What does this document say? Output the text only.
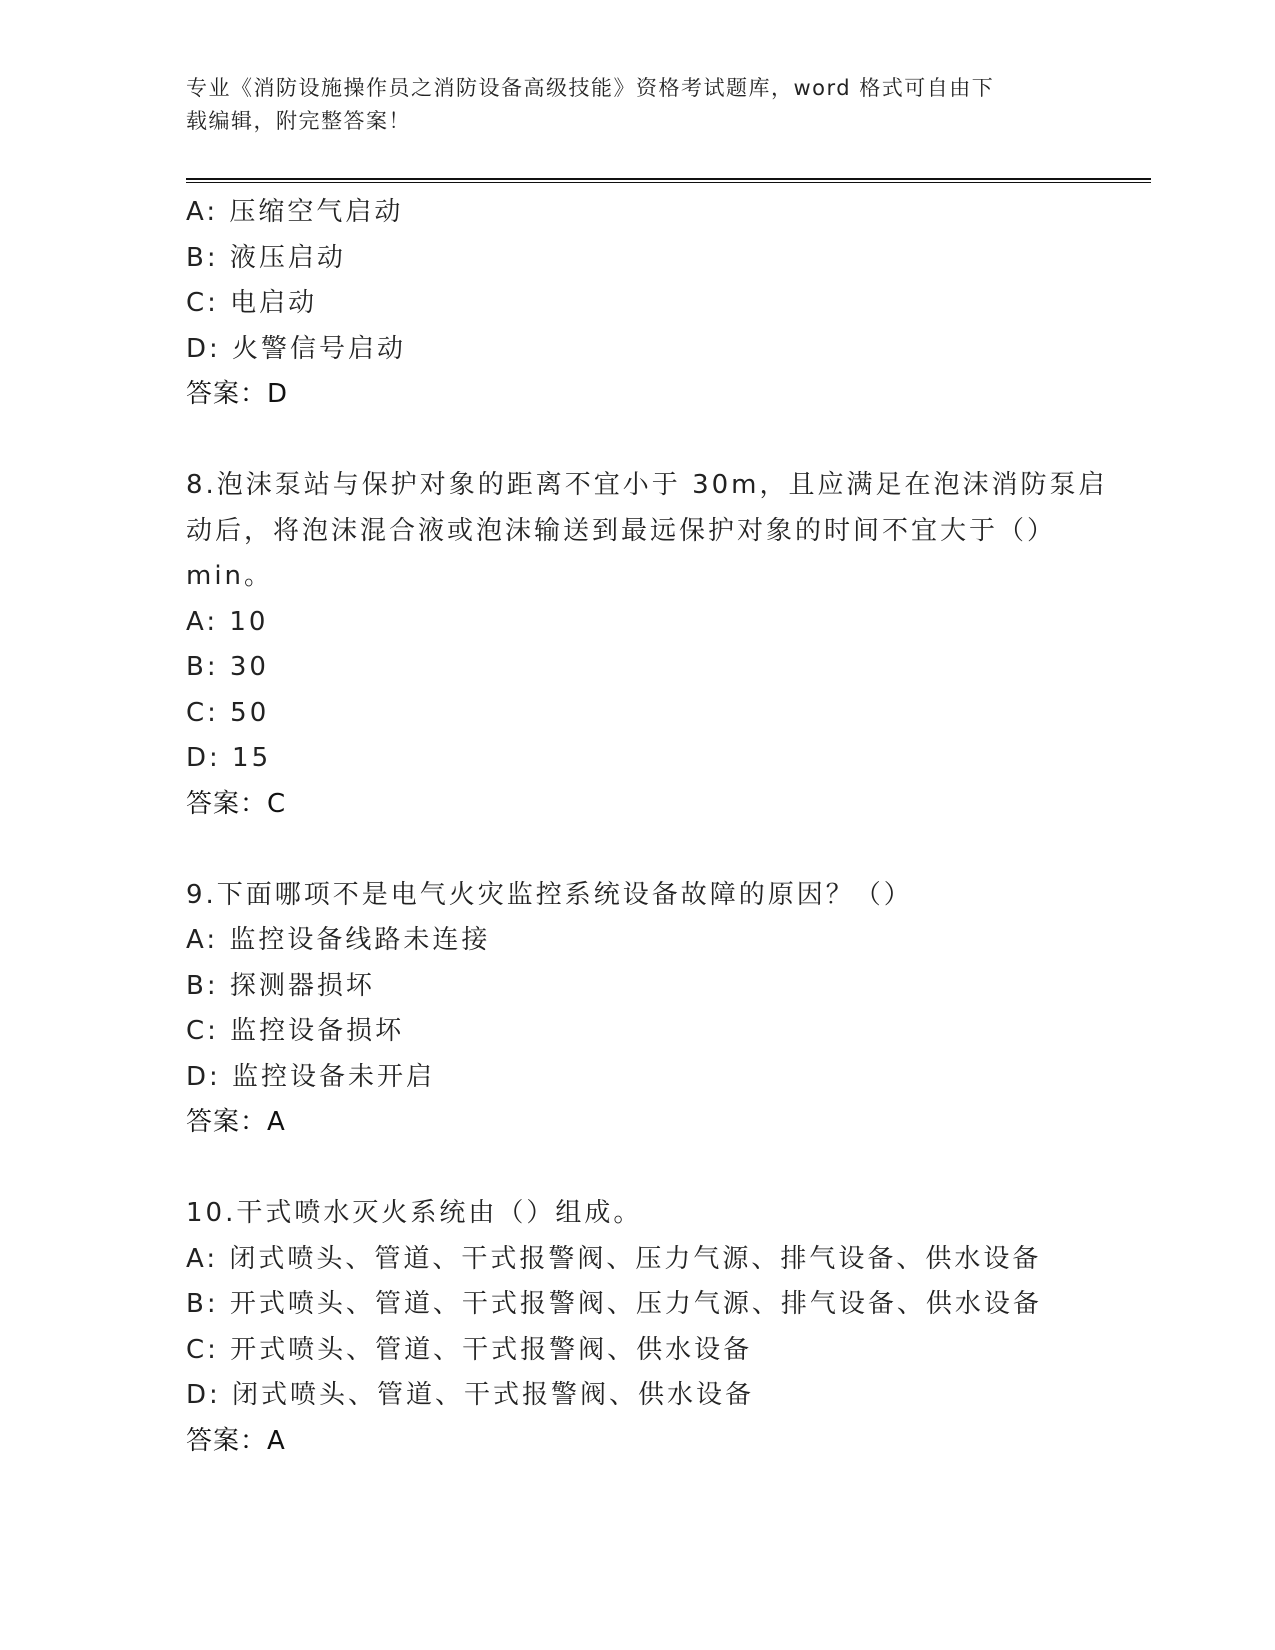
专业《消防设施操作员之消防设备高级技能》资格考试题库，word 格式可自由下
载编辑，附完整答案！
A: 压缩空气启动
B: 液压启动
C: 电启动
D: 火警信号启动
答案：D
8.泡沫泵站与保护对象的距离不宜小于 30m，且应满足在泡沫消防泵启
动后，将泡沫混合液或泡沫输送到最远保护对象的时间不宜大于（）
min。
A: 10
B: 30
C: 50
D: 15
答案：C
9.下面哪项不是电气火灾监控系统设备故障的原因？（）
A: 监控设备线路未连接
B: 探测器损坏
C: 监控设备损坏
D: 监控设备未开启
答案：A
10.干式喷水灭火系统由（）组成。
A: 闭式喷头、管道、干式报警阀、压力气源、排气设备、供水设备
B: 开式喷头、管道、干式报警阀、压力气源、排气设备、供水设备
C: 开式喷头、管道、干式报警阀、供水设备
D: 闭式喷头、管道、干式报警阀、供水设备
答案：A
